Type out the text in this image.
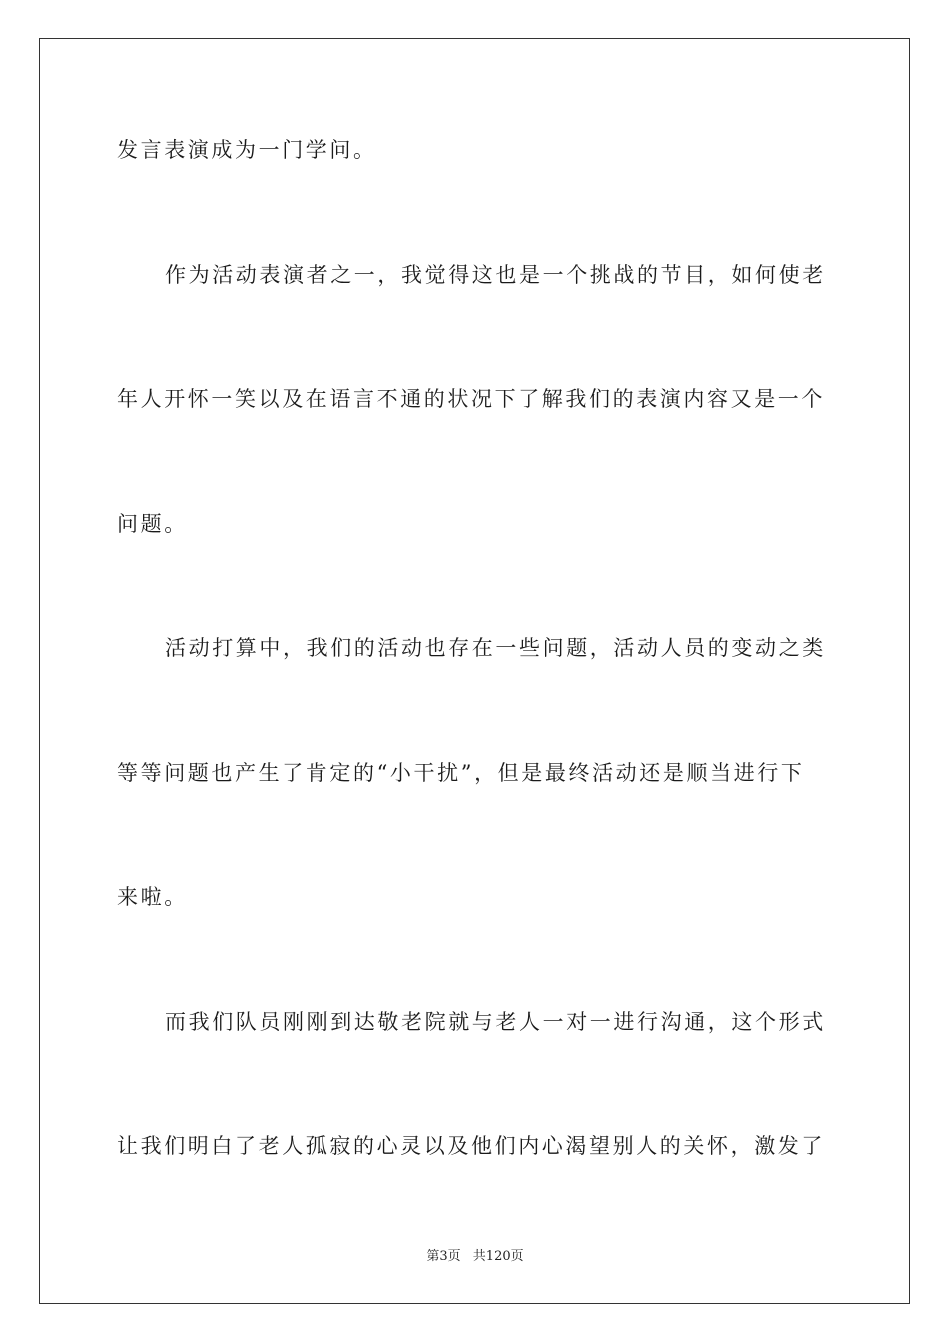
发言表演成为一门学问。
作为活动表演者之一，我觉得这也是一个挑战的节目，如何使老
年人开怀一笑以及在语言不通的状况下了解我们的表演内容又是一个
问题。
活动打算中，我们的活动也存在一些问题，活动人员的变动之类
等等问题也产生了肯定的“小干扰”，但是最终活动还是顺当进行下
来啦。
而我们队员刚刚到达敬老院就与老人一对一进行沟通，这个形式
让我们明白了老人孤寂的心灵以及他们内心渴望别人的关怀，激发了
第3页 共120页
